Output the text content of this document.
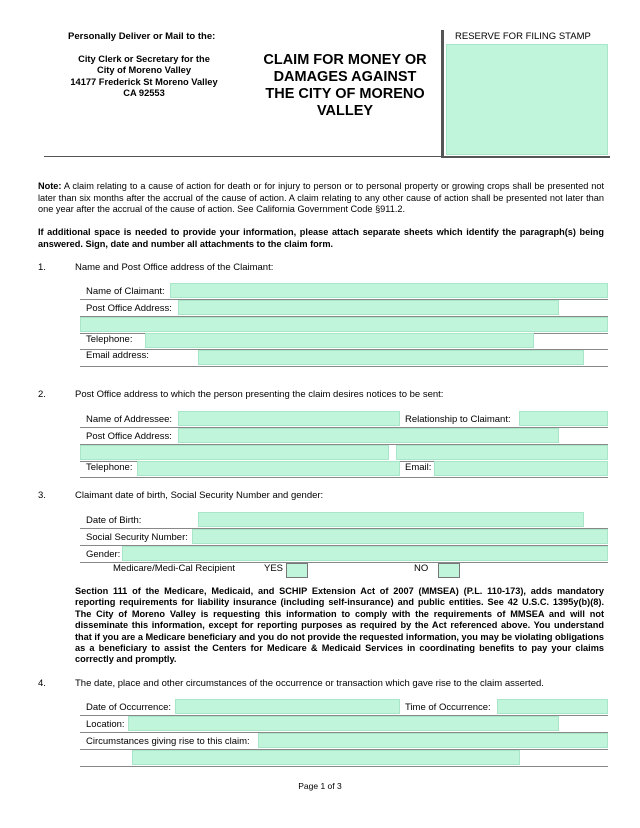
Personally Deliver or Mail to the:
City Clerk or Secretary for the
City of Moreno Valley
14177 Frederick St Moreno Valley
CA 92553
CLAIM FOR MONEY OR
DAMAGES AGAINST
THE CITY OF MORENO
VALLEY
RESERVE FOR FILING STAMP
Note: A claim relating to a cause of action for death or for injury to person or to personal property or growing crops shall be presented not later than six months after the accrual of the cause of action. A claim relating to any other cause of action shall be presented not later than one year after the accrual of the cause of action. See California Government Code §911.2.
If additional space is needed to provide your information, please attach separate sheets which identify the paragraph(s) being answered. Sign, date and number all attachments to the claim form.
1.	Name and Post Office address of the Claimant:
Name of Claimant:
Post Office Address:
Telephone:
Email address:
2.	Post Office address to which the person presenting the claim desires notices to be sent:
Name of Addressee:	Relationship to Claimant:
Post Office Address:
Telephone:	Email:
3.	Claimant date of birth, Social Security Number and gender:
Date of Birth:
Social Security Number:
Gender:
Medicare/Medi-Cal Recipient	YES	NO
Section 111 of the Medicare, Medicaid, and SCHIP Extension Act of 2007 (MMSEA) (P.L. 110-173), adds mandatory reporting requirements for liability insurance (including self-insurance) and public entities. See 42 U.S.C. 1395y(b)(8). The City of Moreno Valley is requesting this information to comply with the requirements of MMSEA and will not disseminate this information, except for reporting purposes as required by the Act referenced above. You understand that if you are a Medicare beneficiary and you do not provide the requested information, you may be violating obligations as a beneficiary to assist the Centers for Medicare & Medicaid Services in coordinating benefits to pay your claims correctly and promptly.
4.	The date, place and other circumstances of the occurrence or transaction which gave rise to the claim asserted.
Date of Occurrence:	Time of Occurrence:
Location:
Circumstances giving rise to this claim:
Page 1 of 3
